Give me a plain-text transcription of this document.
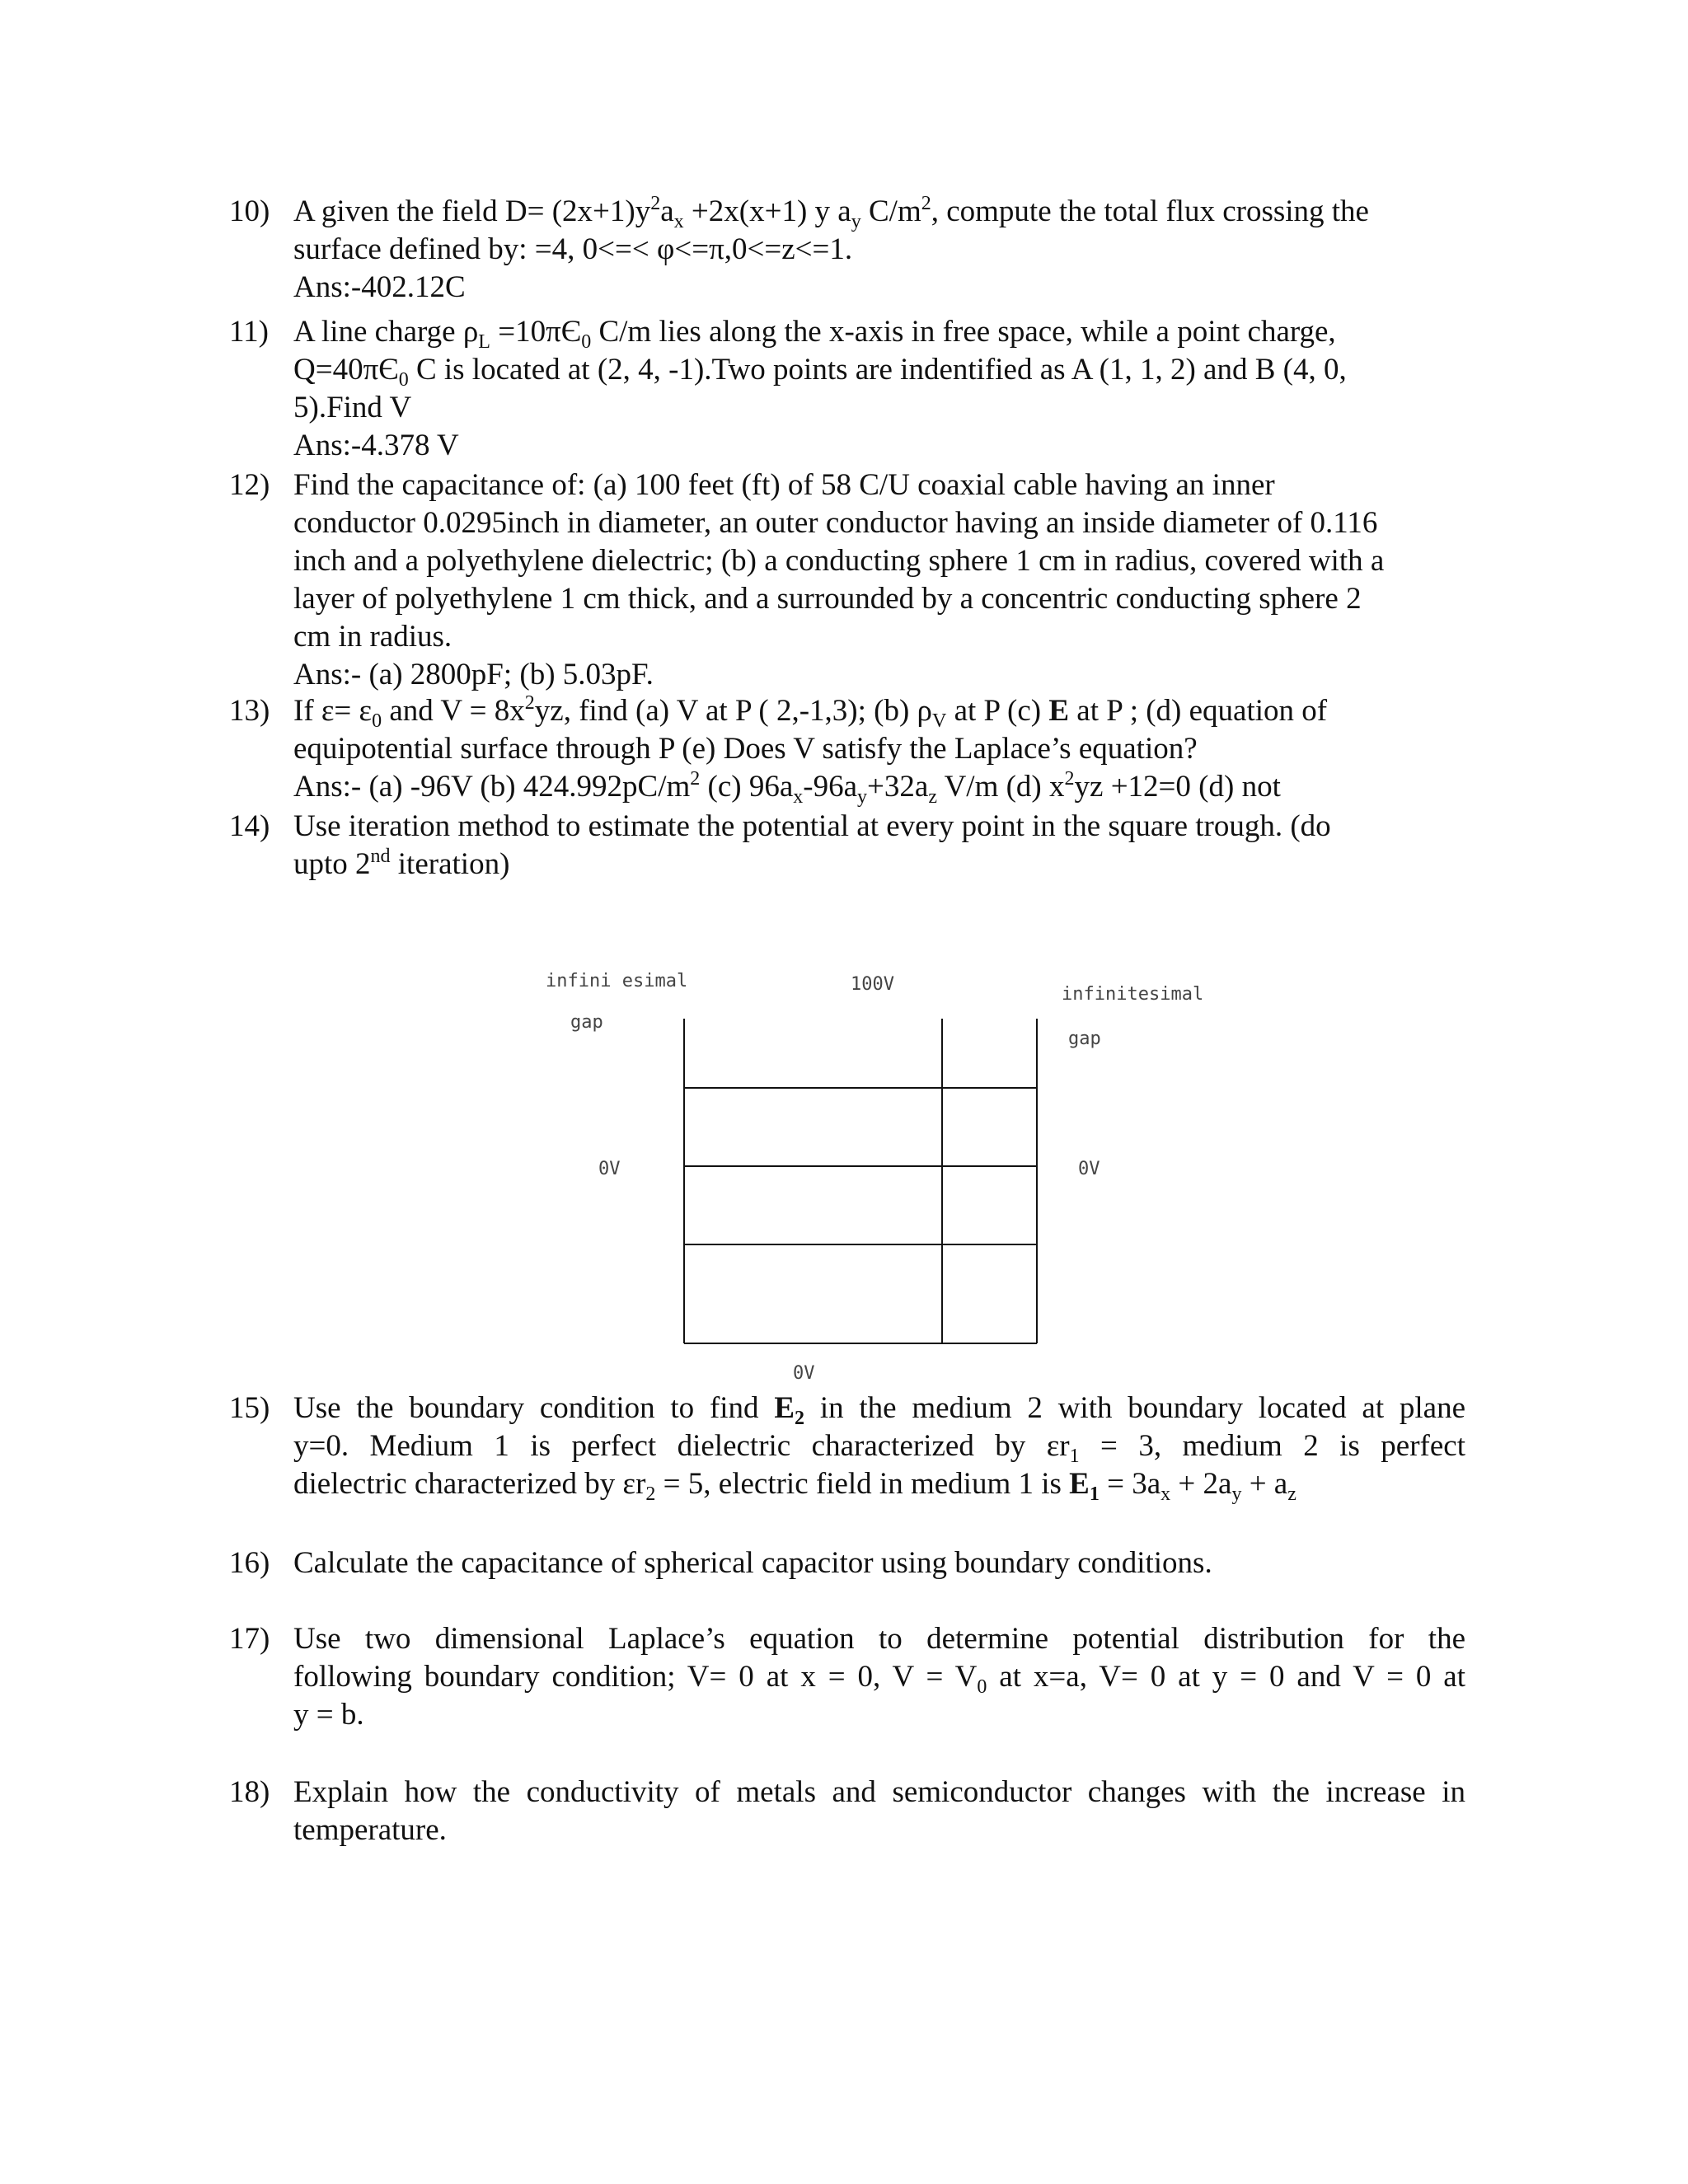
10) A given the field $D= (2x+1)y^2a_x +2x(x+1)$ y $a_y$ $C/m^2$, compute the total flux crossing the
surface defined by: =4, 0<=< φ<=π,0<=z<=1.
Ans:-402.12C
11) A line charge $\rho_L =10\pi Є_0$ C/m lies along the x-axis in free space, while a point charge,
$Q=40\pi Є_0$ C is located at (2, 4, -1).Two points are indentified as A (1, 1, 2) and B (4, 0,
5).Find V
Ans:-4.378 V
12) Find the capacitance of: (a) 100 feet (ft) of 58 C/U coaxial cable having an inner
conductor 0.0295inch in diameter, an outer conductor having an inside diameter of 0.116
inch and a polyethylene dielectric; (b) a conducting sphere 1 cm in radius, covered with a
layer of polyethylene 1 cm thick, and a surrounded by a concentric conducting sphere 2
cm in radius.
Ans:- (a) 2800pF; (b) 5.03pF.
13) If $\varepsilon= \varepsilon_0$ and $V = 8x^2yz$, find (a) V at P ( 2,-1,3); (b) $\rho_V$ at P (c) E at P ; (d) equation of
equipotential surface through P (e) Does V satisfy the Laplace’s equation?
Ans:- (a) -96V (b) $424.992pC/m^2$ (c) $96a_x-96a_y+32a_z$ V/m (d) $x^2yz +12=0$ (d) not
14) Use iteration method to estimate the potential at every point in the square trough. (do
upto 2nd iteration)
infini esimal
gap
100V	infinitesimal
gap
0V	0V
0V
15) Use the boundary condition to find $E_2$ in the medium 2 with boundary located at plane
y=0. Medium 1 is perfect dielectric characterized by $\varepsilon r_1 = 3$, medium 2 is perfect
dielectric characterized by $\varepsilon r_2 = 5$, electric field in medium 1 is $E_1 = 3a_x + 2a_y + a_z$
16) Calculate the capacitance of spherical capacitor using boundary conditions.
17) Use two dimensional Laplace’s equation to determine potential distribution for the
following boundary condition; V= 0 at x = 0, $V = V_0$ at x=a, V= 0 at y = 0 and V = 0 at
y = b.
18) Explain how the conductivity of metals and semiconductor changes with the increase in
temperature.
